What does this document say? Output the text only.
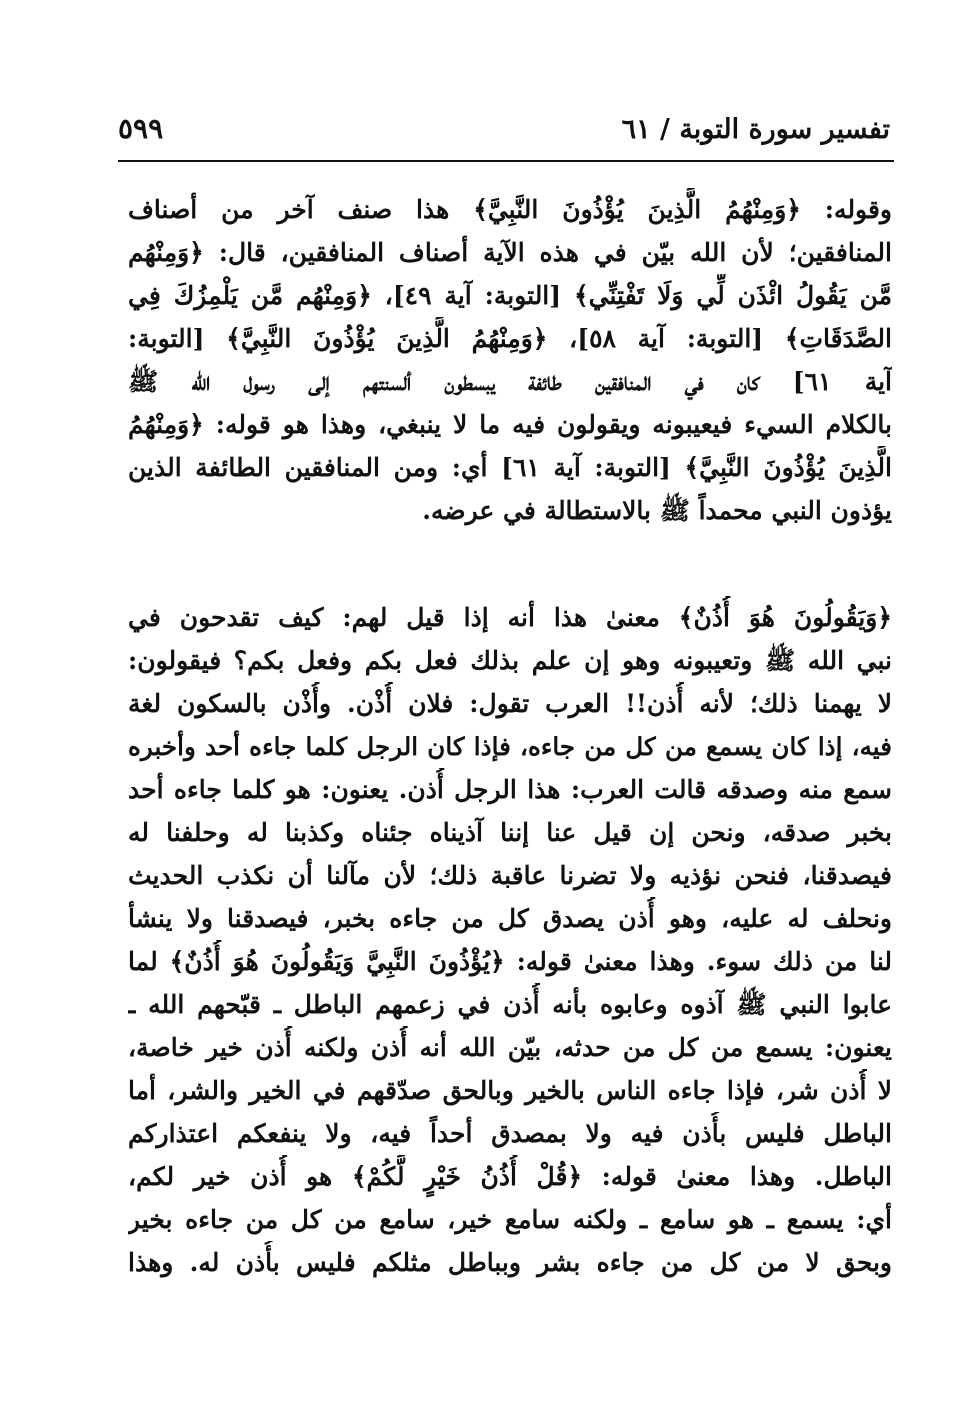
تفسير سورة التوبة / ٦١
٥٩٩
وقوله: ﴿وَمِنْهُمُ الَّذِينَ يُؤْذُونَ النَّبِيَّ﴾ هذا صنف آخر من أصناف
المنافقين؛ لأن الله بيّن في هذه الآية أصناف المنافقين، قال: ﴿وَمِنْهُم
مَّن يَقُولُ ائْذَن لِّي وَلَا تَفْتِنِّي﴾ [التوبة: آية ٤٩]، ﴿وَمِنْهُم مَّن يَلْمِزُكَ فِي
الصَّدَقَاتِ﴾ [التوبة: آية ٥٨]، ﴿وَمِنْهُمُ الَّذِينَ يُؤْذُونَ النَّبِيَّ﴾ [التوبة:
آية ٦١] كان في المنافقين طائفة يبسطون ألسنتهم إلى رسول الله ﷺ
بالكلام السيء فيعيبونه ويقولون فيه ما لا ينبغي، وهذا هو قوله: ﴿وَمِنْهُمُ
الَّذِينَ يُؤْذُونَ النَّبِيَّ﴾ [التوبة: آية ٦١] أي: ومن المنافقين الطائفة الذين
يؤذون النبي محمداً ﷺ بالاستطالة في عرضه.
﴿وَيَقُولُونَ هُوَ أُذُنٌ﴾ معنىٰ هذا أنه إذا قيل لهم: كيف تقدحون في
نبي الله ﷺ وتعيبونه وهو إن علم بذلك فعل بكم وفعل بكم؟ فيقولون:
لا يهمنا ذلك؛ لأنه أُذن!! العرب تقول: فلان أُذْن. وأُذْن بالسكون لغة
فيه، إذا كان يسمع من كل من جاءه، فإذا كان الرجل كلما جاءه أحد وأخبره
سمع منه وصدقه قالت العرب: هذا الرجل أُذن. يعنون: هو كلما جاءه أحد
بخبر صدقه، ونحن إن قيل عنا إننا آذيناه جئناه وكذبنا له وحلفنا له
فيصدقنا، فنحن نؤذيه ولا تضرنا عاقبة ذلك؛ لأن مآلنا أن نكذب الحديث
ونحلف له عليه، وهو أُذن يصدق كل من جاءه بخبر، فيصدقنا ولا ينشأ
لنا من ذلك سوء. وهذا معنىٰ قوله: ﴿يُؤْذُونَ النَّبِيَّ وَيَقُولُونَ هُوَ أُذُنٌ﴾ لما
عابوا النبي ﷺ آذوه وعابوه بأنه أُذن في زعمهم الباطل ـ قبّحهم الله ـ
يعنون: يسمع من كل من حدثه، بيّن الله أنه أُذن ولكنه أُذن خير خاصة،
لا أُذن شر، فإذا جاءه الناس بالخير وبالحق صدّقهم في الخير والشر، أما
الباطل فليس بأُذن فيه ولا بمصدق أحداً فيه، ولا ينفعكم اعتذاركم
الباطل. وهذا معنىٰ قوله: ﴿قُلْ أُذُنُ خَيْرٍ لَّكُمْ﴾ هو أُذن خير لكم،
أي: يسمع ـ هو سامع ـ ولكنه سامع خير، سامع من كل من جاءه بخير
وبحق لا من كل من جاءه بشر وبباطل مثلكم فليس بأُذن له. وهذا
